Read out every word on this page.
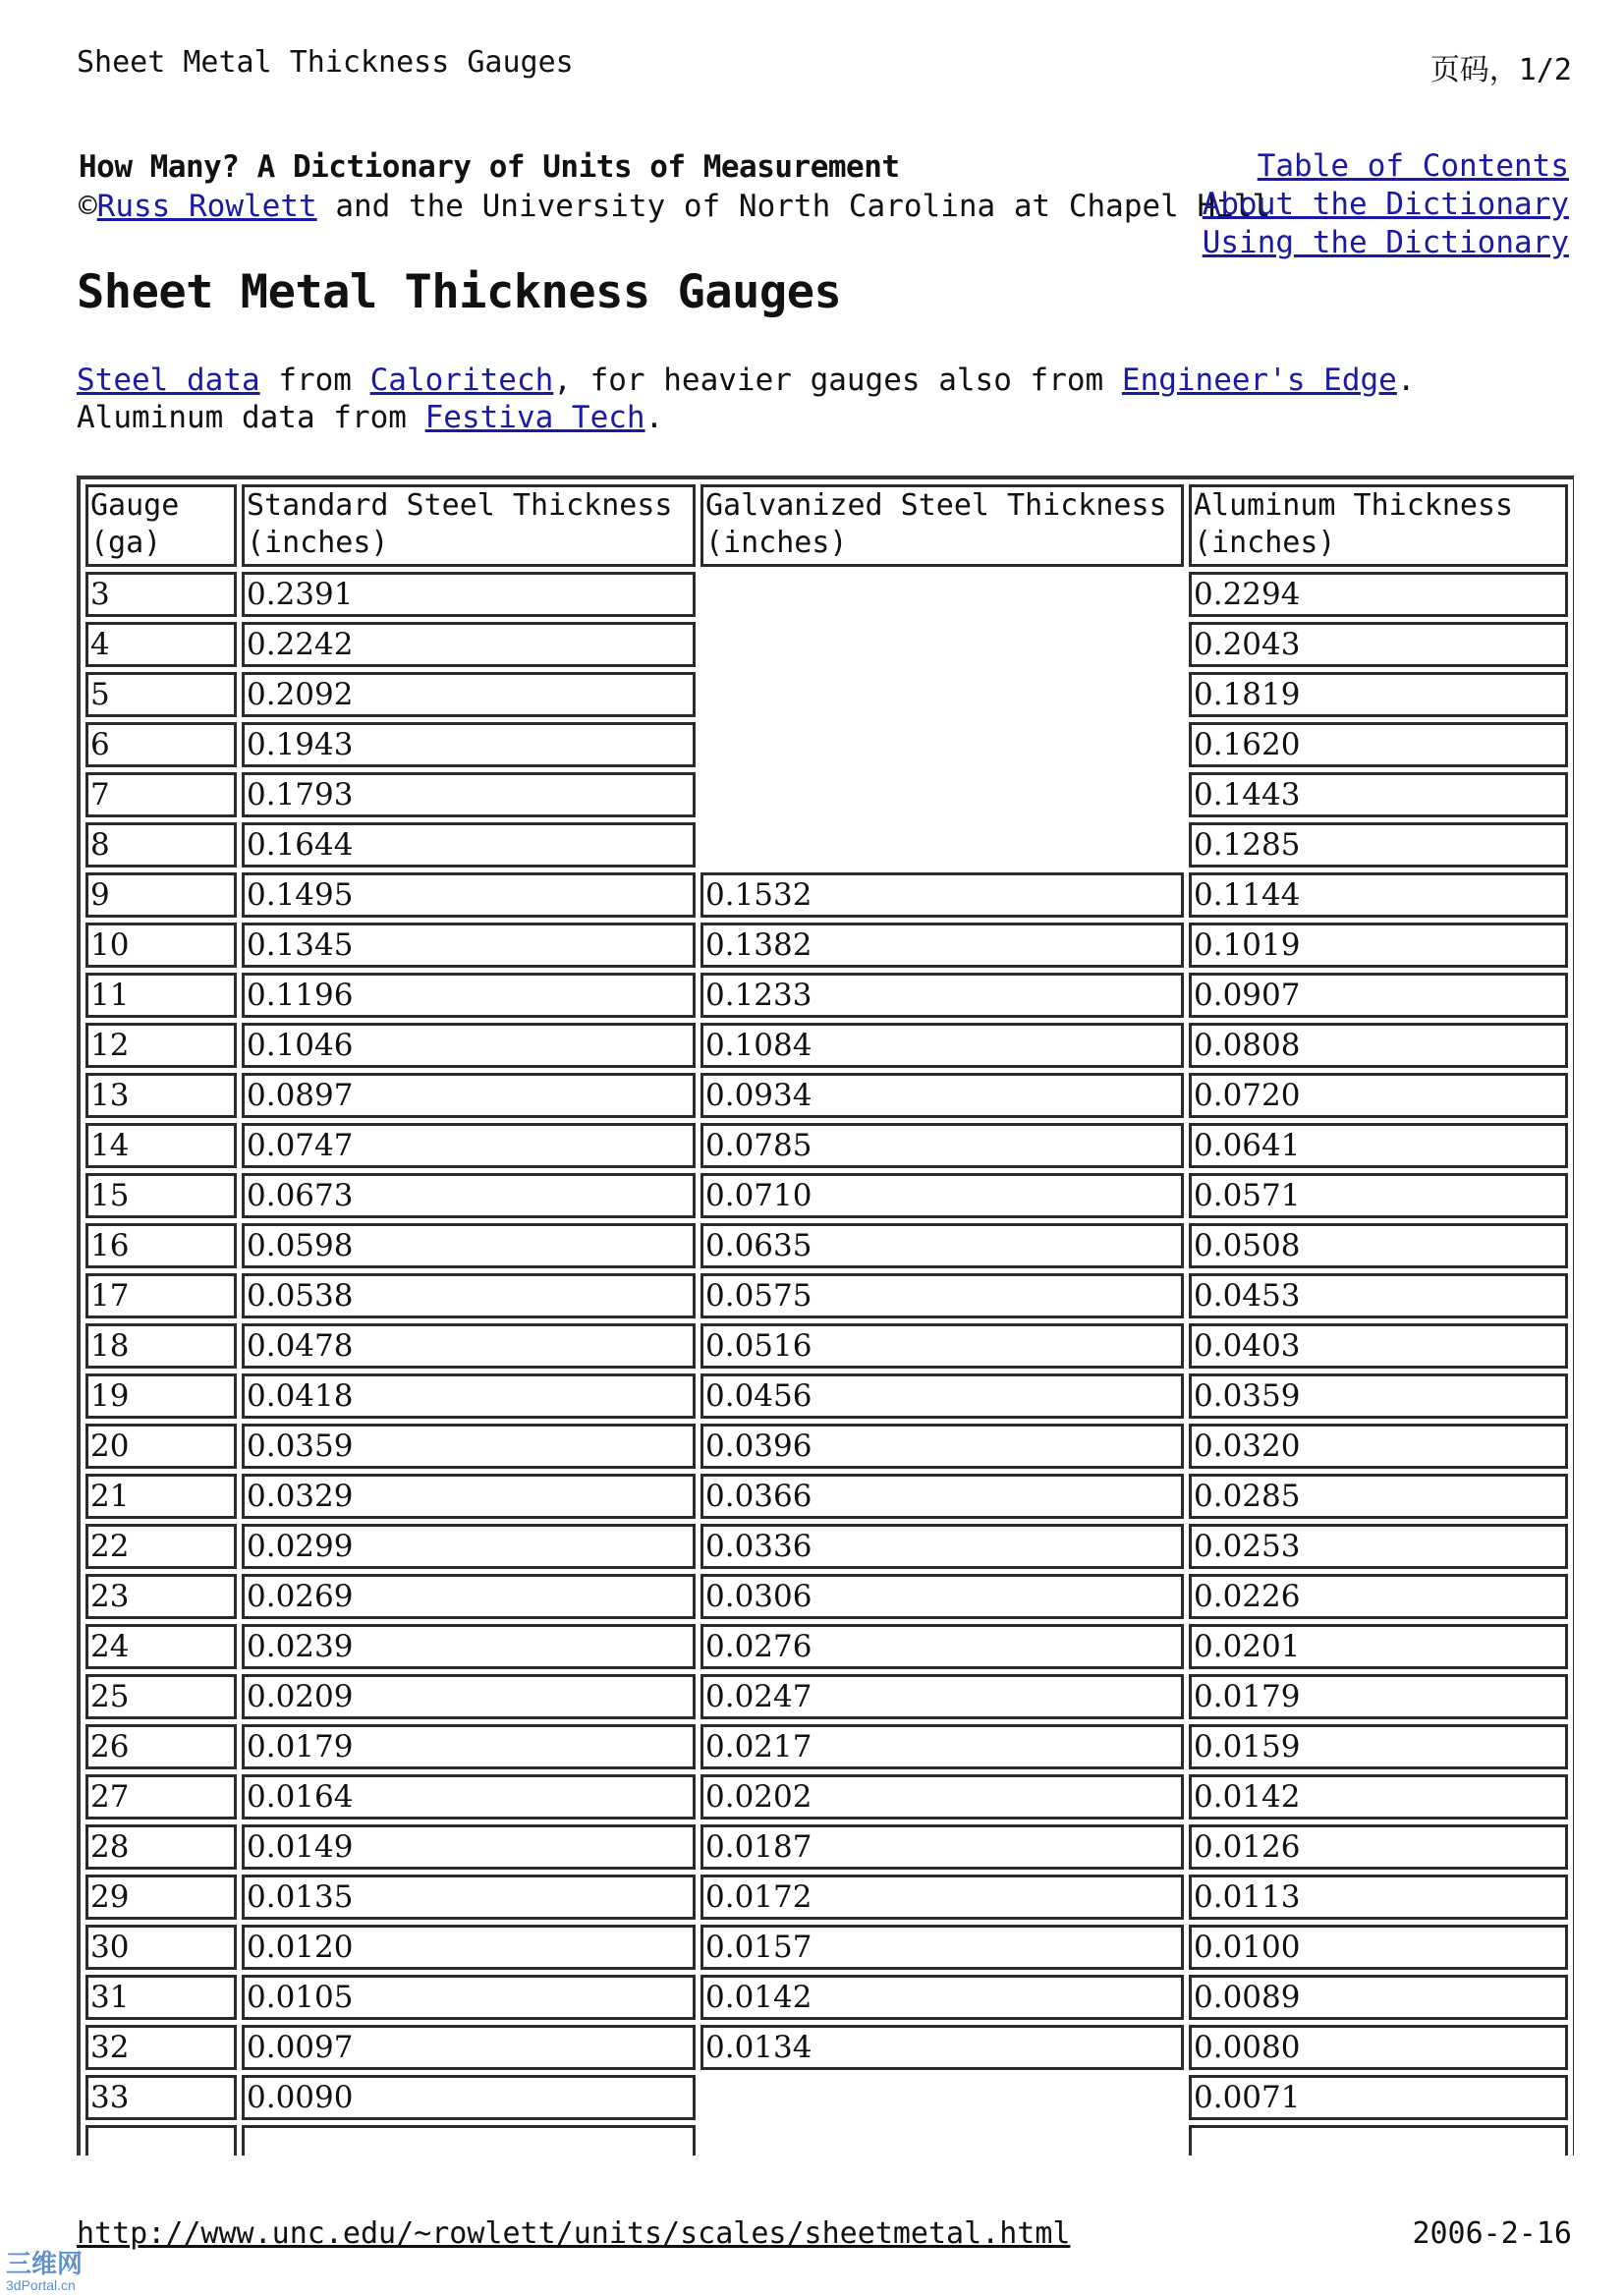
Sheet Metal Thickness Gauges	页码，1/2
How Many? A Dictionary of Units of Measurement
©Russ Rowlett and the University of North Carolina at Chapel Hill
Table of Contents
About the Dictionary
Using the Dictionary
Sheet Metal Thickness Gauges
Steel data from Caloritech, for heavier gauges also from Engineer's Edge. Aluminum data from Festiva Tech.
Gauge (ga)	Standard Steel Thickness (inches)	Galvanized Steel Thickness (inches)	Aluminum Thickness (inches)
3	0.2391		0.2294
4	0.2242		0.2043
5	0.2092		0.1819
6	0.1943		0.1620
7	0.1793		0.1443
8	0.1644		0.1285
9	0.1495	0.1532	0.1144
10	0.1345	0.1382	0.1019
11	0.1196	0.1233	0.0907
12	0.1046	0.1084	0.0808
13	0.0897	0.0934	0.0720
14	0.0747	0.0785	0.0641
15	0.0673	0.0710	0.0571
16	0.0598	0.0635	0.0508
17	0.0538	0.0575	0.0453
18	0.0478	0.0516	0.0403
19	0.0418	0.0456	0.0359
20	0.0359	0.0396	0.0320
21	0.0329	0.0366	0.0285
22	0.0299	0.0336	0.0253
23	0.0269	0.0306	0.0226
24	0.0239	0.0276	0.0201
25	0.0209	0.0247	0.0179
26	0.0179	0.0217	0.0159
27	0.0164	0.0202	0.0142
28	0.0149	0.0187	0.0126
29	0.0135	0.0172	0.0113
30	0.0120	0.0157	0.0100
31	0.0105	0.0142	0.0089
32	0.0097	0.0134	0.0080
33	0.0090		0.0071

http://www.unc.edu/~rowlett/units/scales/sheetmetal.html	2006-2-16
三维网
3dPortal.cn
